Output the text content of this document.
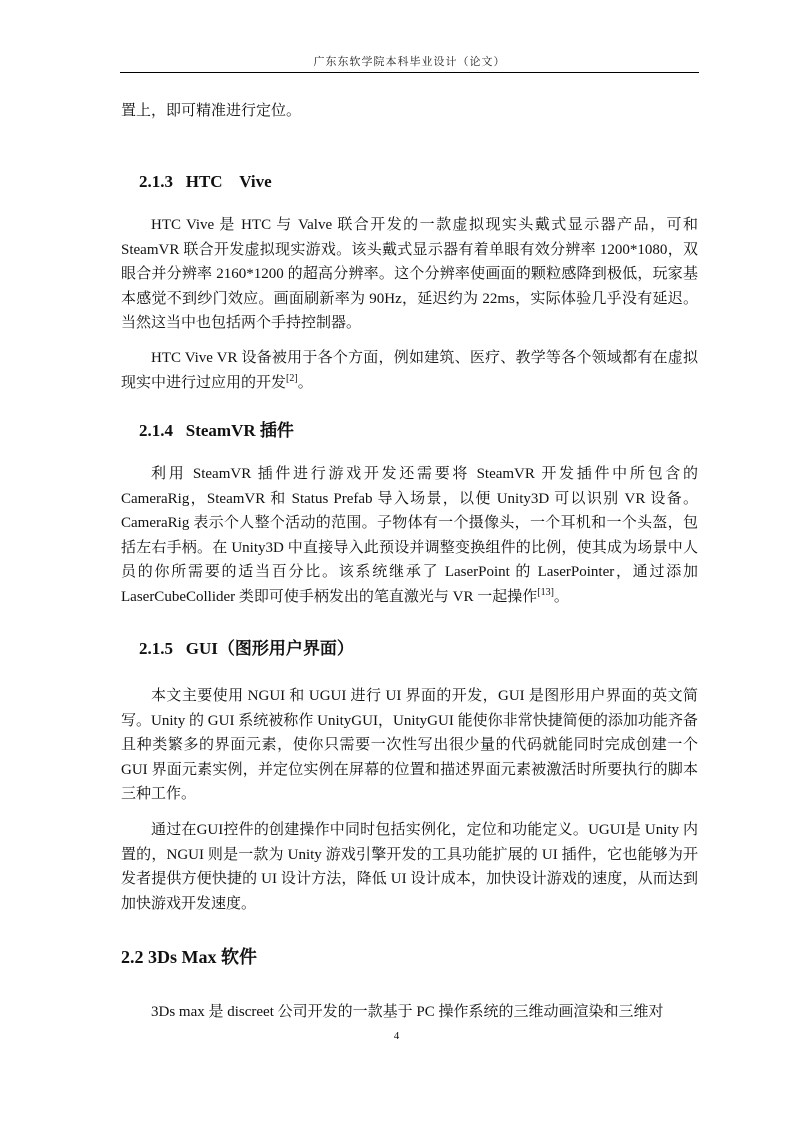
广东东软学院本科毕业设计（论文）

置上，即可精准进行定位。

2.1.3   HTC    Vive

HTC Vive 是 HTC 与 Valve 联合开发的一款虚拟现实头戴式显示器产品，可和 SteamVR 联合开发虚拟现实游戏。该头戴式显示器有着单眼有效分辨率 1200*1080，双眼合并分辨率 2160*1200 的超高分辨率。这个分辨率使画面的颗粒感降到极低，玩家基本感觉不到纱门效应。画面刷新率为 90Hz，延迟约为 22ms，实际体验几乎没有延迟。当然这当中也包括两个手持控制器。

HTC Vive VR 设备被用于各个方面，例如建筑、医疗、教学等各个领域都有在虚拟现实中进行过应用的开发[2]。

2.1.4   SteamVR 插件

利用 SteamVR 插件进行游戏开发还需要将 SteamVR 开发插件中所包含的 CameraRig，SteamVR 和 Status Prefab 导入场景，以便 Unity3D 可以识别 VR 设备。CameraRig 表示个人整个活动的范围。子物体有一个摄像头，一个耳机和一个头盔，包括左右手柄。在 Unity3D 中直接导入此预设并调整变换组件的比例，使其成为场景中人员的你所需要的适当百分比。该系统继承了 LaserPoint 的 LaserPointer，通过添加 LaserCubeCollider 类即可使手柄发出的笔直激光与 VR 一起操作[13]。

2.1.5   GUI（图形用户界面）

本文主要使用 NGUI 和 UGUI 进行 UI 界面的开发，GUI 是图形用户界面的英文简写。Unity 的 GUI 系统被称作 UnityGUI，UnityGUI 能使你非常快捷简便的添加功能齐备且种类繁多的界面元素，使你只需要一次性写出很少量的代码就能同时完成创建一个 GUI 界面元素实例，并定位实例在屏幕的位置和描述界面元素被激活时所要执行的脚本三种工作。

通过在GUI控件的创建操作中同时包括实例化，定位和功能定义。UGUI是 Unity 内置的，NGUI 则是一款为 Unity 游戏引擎开发的工具功能扩展的 UI 插件，它也能够为开发者提供方便快捷的 UI 设计方法，降低 UI 设计成本，加快设计游戏的速度，从而达到加快游戏开发速度。

2.2 3Ds Max 软件

3Ds max 是 discreet 公司开发的一款基于 PC 操作系统的三维动画渲染和三维对

4
